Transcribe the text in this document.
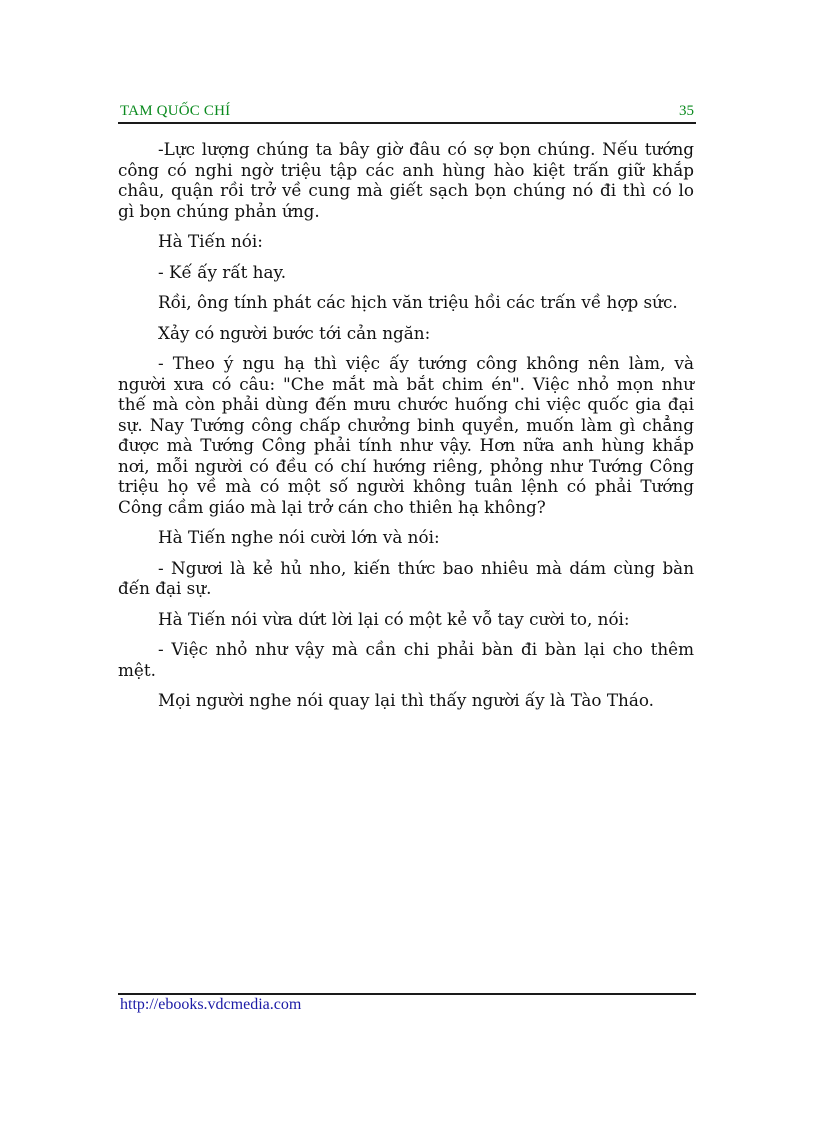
TAM QUỐC CHÍ	35

-Lực lượng chúng ta bây giờ đâu có sợ bọn chúng. Nếu tướng công có nghi ngờ triệu tập các anh hùng hào kiệt trấn giữ khắp châu, quận rồi trở về cung mà giết sạch bọn chúng nó đi thì có lo gì bọn chúng phản ứng.

Hà Tiến nói:

- Kế ấy rất hay.

Rồi, ông tính phát các hịch văn triệu hồi các trấn về hợp sức.

Xảy có người bước tới cản ngăn:

- Theo ý ngu hạ thì việc ấy tướng công không nên làm, và người xưa có câu: "Che mắt mà bắt chim én". Việc nhỏ mọn như thế mà còn phải dùng đến mưu chước huống chi việc quốc gia đại sự. Nay Tướng công chấp chưởng binh quyền, muốn làm gì chẳng được mà Tướng Công phải tính như vậy. Hơn nữa anh hùng khắp nơi, mỗi người có đều có chí hướng riêng, phỏng như Tướng Công triệu họ về mà có một số người không tuân lệnh có phải Tướng Công cầm giáo mà lại trở cán cho thiên hạ không?

Hà Tiến nghe nói cười lớn và nói:

- Ngươi là kẻ hủ nho, kiến thức bao nhiêu mà dám cùng bàn đến đại sự.

Hà Tiến nói vừa dứt lời lại có một kẻ vỗ tay cười to, nói:

- Việc nhỏ như vậy mà cần chi phải bàn đi bàn lại cho thêm mệt.

Mọi người nghe nói quay lại thì thấy người ấy là Tào Tháo.

http://ebooks.vdcmedia.com
